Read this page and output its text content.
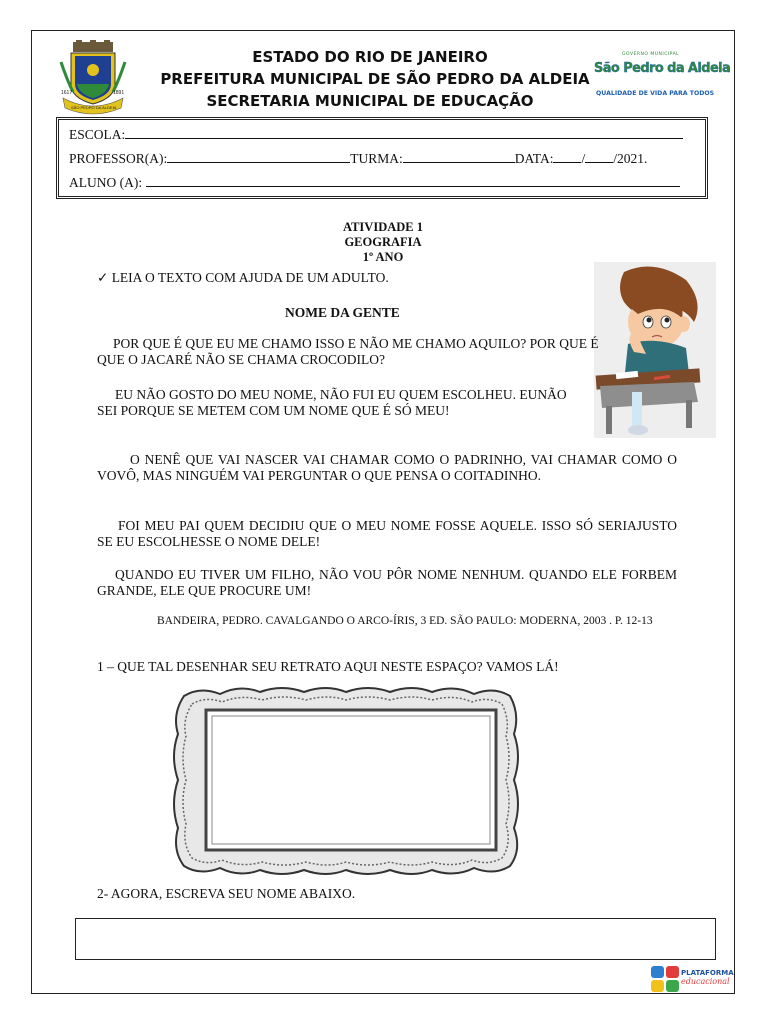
1617	1891
SÃO PEDRO DA ALDEIA
ESTADO DO RIO DE JANEIRO
PREFEITURA MUNICIPAL DE SÃO PEDRO DA ALDEIA
SECRETARIA MUNICIPAL DE EDUCAÇÃO
GOVERNO MUNICIPAL
São Pedro da Aldeia
QUALIDADE DE VIDA PARA TODOS
ESCOLA:
PROFESSOR(A):	TURMA:	DATA: / /2021.
ALUNO (A):
ATIVIDADE 1
GEOGRAFIA
1º ANO
✓ LEIA O TEXTO COM AJUDA DE UM ADULTO.
NOME DA GENTE
POR QUE É QUE EU ME CHAMO ISSO E NÃO ME CHAMO AQUILO? POR QUE É QUE O JACARÉ NÃO SE CHAMA CROCODILO?
EU NÃO GOSTO DO MEU NOME, NÃO FUI EU QUEM ESCOLHEU. EUNÃO SEI PORQUE SE METEM COM UM NOME QUE É SÓ MEU!
O NENÊ QUE VAI NASCER VAI CHAMAR COMO O PADRINHO, VAI CHAMAR COMO O VOVÔ, MAS NINGUÉM VAI PERGUNTAR O QUE PENSA O COITADINHO.
FOI MEU PAI QUEM DECIDIU QUE O MEU NOME FOSSE AQUELE. ISSO SÓ SERIAJUSTO SE EU ESCOLHESSE O NOME DELE!
QUANDO EU TIVER UM FILHO, NÃO VOU PÔR NOME NENHUM. QUANDO ELE FORBEM GRANDE, ELE QUE PROCURE UM!
BANDEIRA, PEDRO. CAVALGANDO O ARCO-ÍRIS, 3 ED. SÃO PAULO: MODERNA, 2003 . P. 12-13
1 – QUE TAL DESENHAR SEU RETRATO AQUI NESTE ESPAÇO? VAMOS LÁ!
2- AGORA, ESCREVA SEU NOME ABAIXO.
PLATAFORMA
educacional
